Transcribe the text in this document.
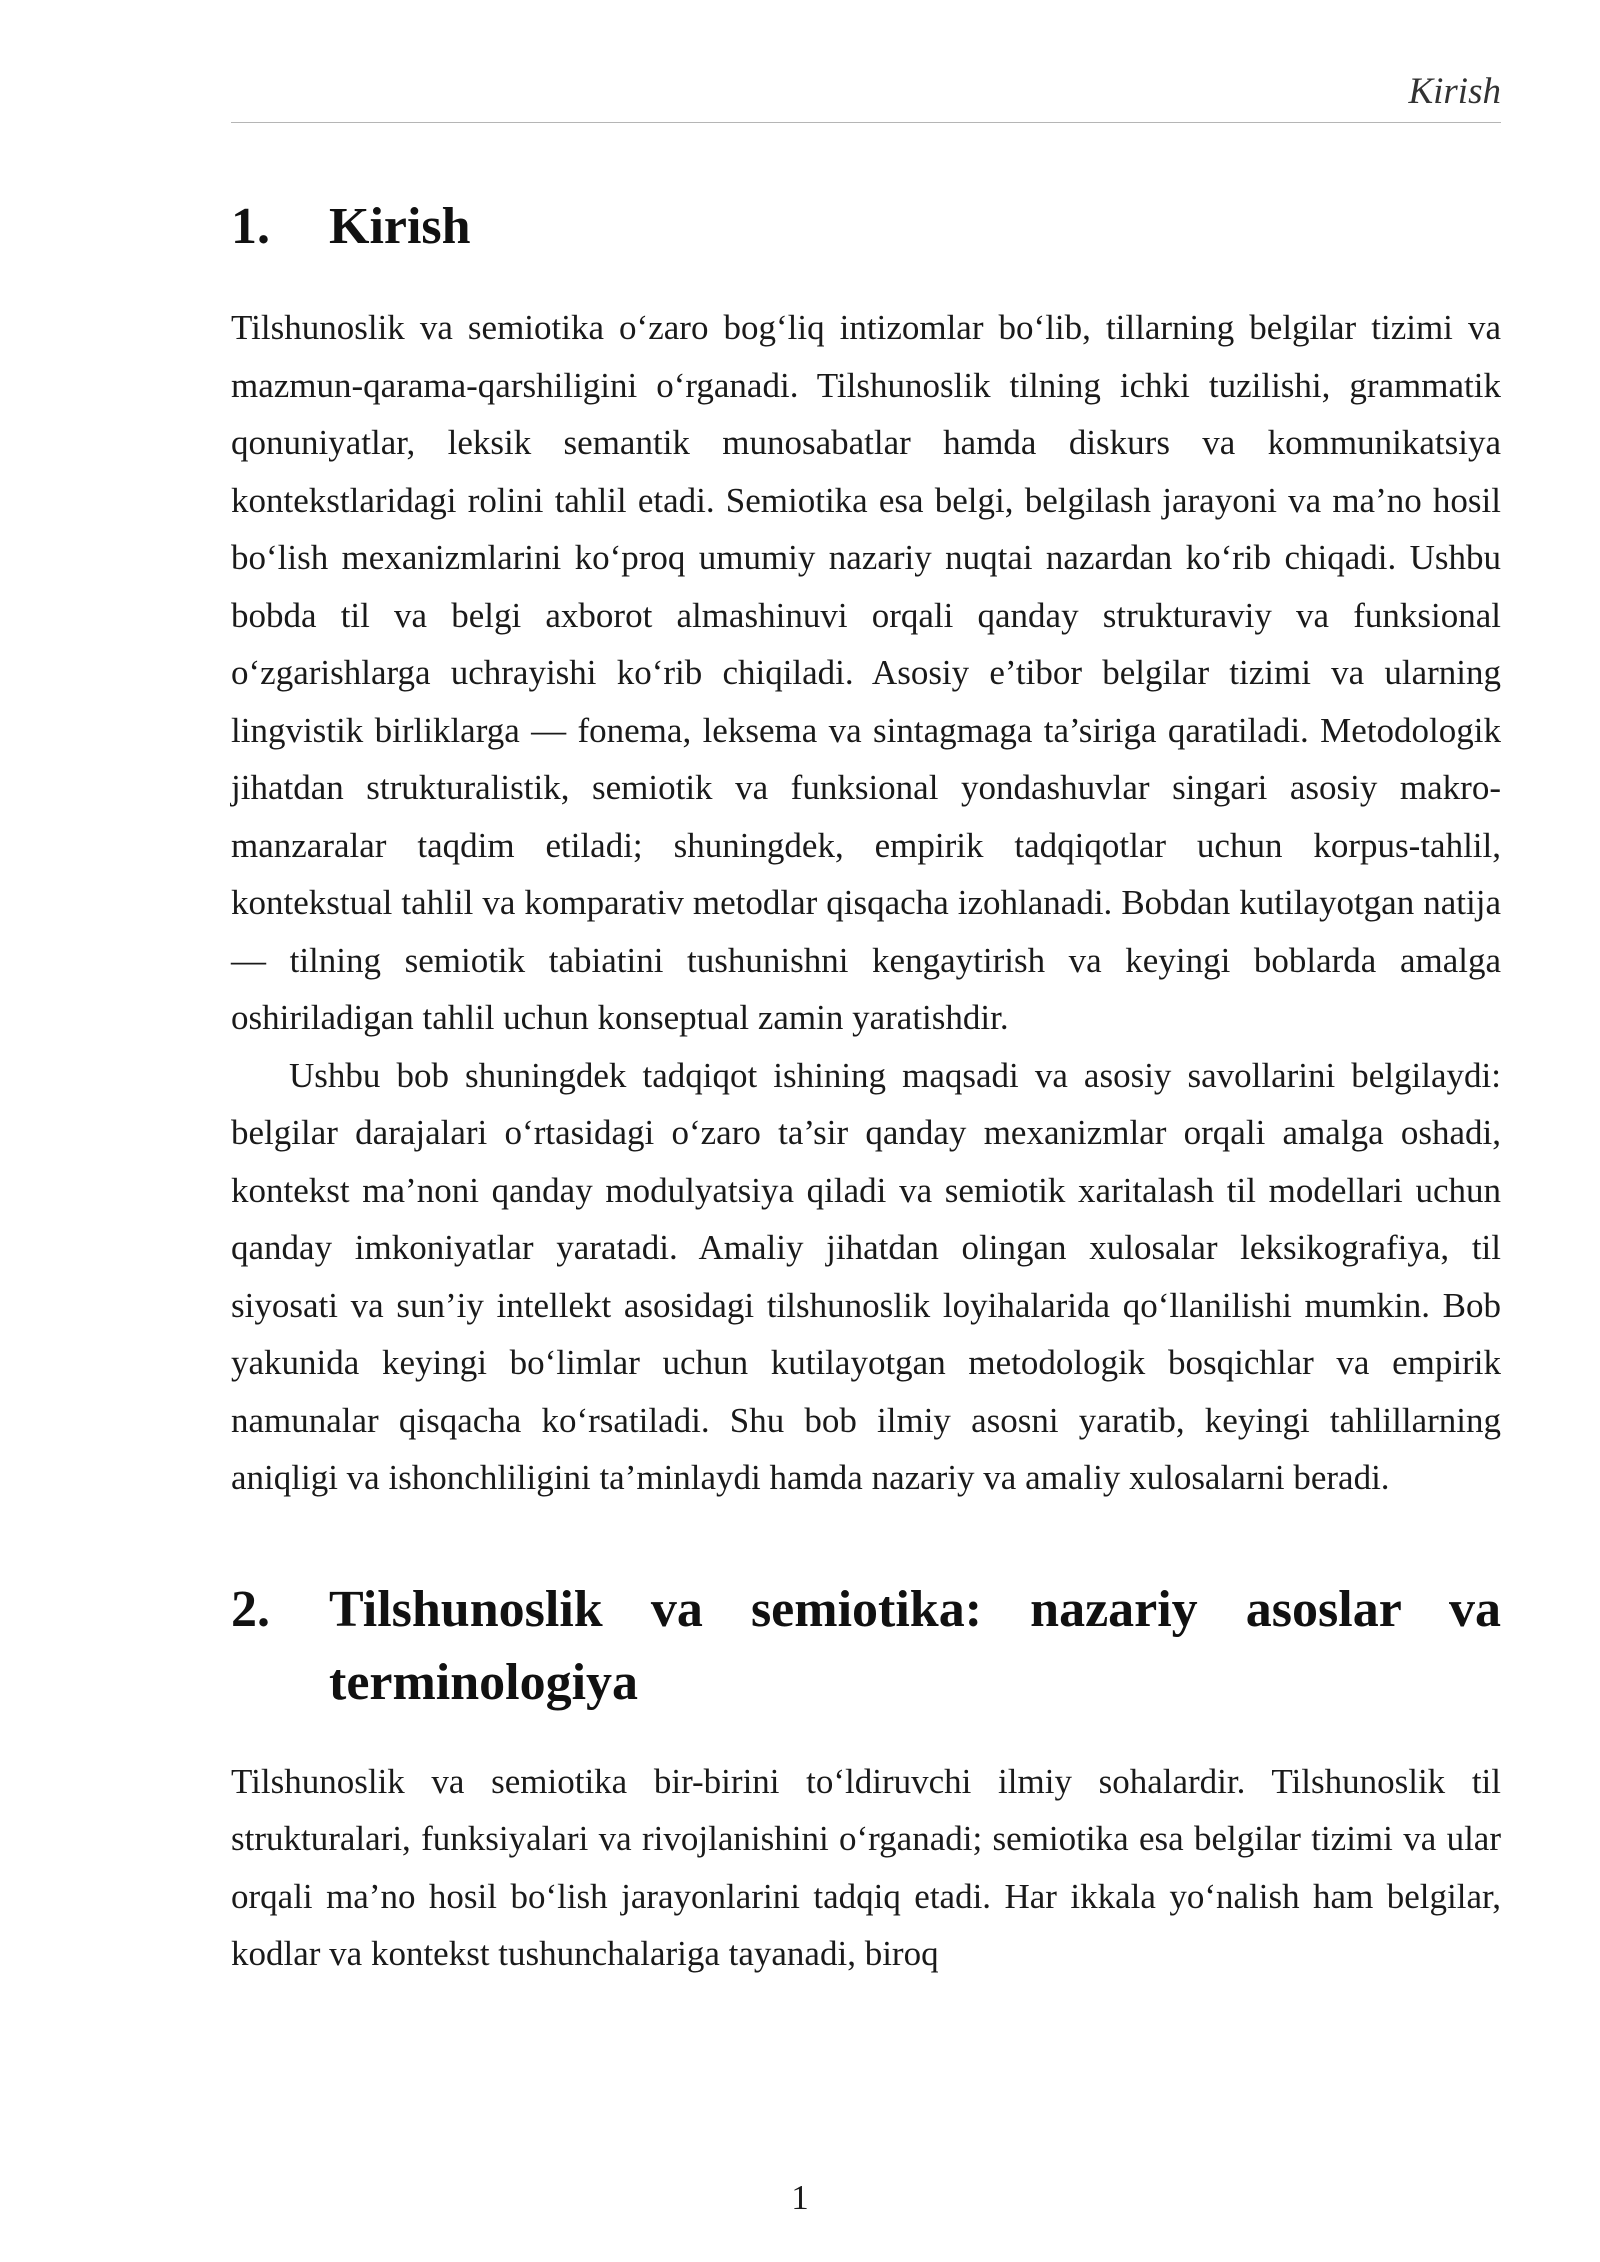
Kirish
1.	Kirish

Tilshunoslik va semiotika o‘zaro bog‘liq intizomlar bo‘lib, tillarning belgilar tizimi va mazmun-qarama-qarshiligini o‘rganadi. Tilshunoslik tilning ichki tuzilishi, grammatik qonuniyatlar, leksik semantik munosabatlar hamda diskurs va kommunikatsiya kontekstlaridagi rolini tahlil etadi. Semiotika esa belgi, belgilash jarayoni va ma’no hosil bo‘lish mexanizmlarini ko‘proq umumiy nazariy nuqtai nazardan ko‘rib chiqadi. Ushbu bobda til va belgi axborot almashinuvi orqali qanday strukturaviy va funksional o‘zgarishlarga uchrayishi ko‘rib chiqiladi. Asosiy e’tibor belgilar tizimi va ularning lingvistik birliklarga — fonema, leksema va sintagmaga ta’siriga qaratiladi. Metodologik jihatdan strukturalistik, semiotik va funksional yondashuvlar singari asosiy makro-manzaralar taqdim etiladi; shuningdek, empirik tadqiqotlar uchun korpus-tahlil, kontekstual tahlil va komparativ metodlar qisqacha izohlanadi. Bobdan kutilayotgan natija — tilning semiotik tabiatini tushunishni kengaytirish va keyingi boblarda amalga oshiriladigan tahlil uchun konseptual zamin yaratishdir.

Ushbu bob shuningdek tadqiqot ishining maqsadi va asosiy savollarini belgilaydi: belgilar darajalari o‘rtasidagi o‘zaro ta’sir qanday mexanizmlar orqali amalga oshadi, kontekst ma’noni qanday modulyatsiya qiladi va semiotik xaritalash til modellari uchun qanday imkoniyatlar yaratadi. Amaliy jihatdan olingan xulosalar leksikografiya, til siyosati va sun’iy intellekt asosidagi tilshunoslik loyihalarida qo‘llanilishi mumkin. Bob yakunida keyingi bo‘limlar uchun kutilayotgan metodologik bosqichlar va empirik namunalar qisqacha ko‘rsatiladi. Shu bob ilmiy asosni yaratib, keyingi tahlillarning aniqligi va ishonchliligini ta’minlaydi hamda nazariy va amaliy xulosalarni beradi.

2.	Tilshunoslik va semiotika: nazariy asoslar va terminologiya

Tilshunoslik va semiotika bir-birini to‘ldiruvchi ilmiy sohalardir. Tilshunoslik til strukturalari, funksiyalari va rivojlanishini o‘rganadi; semiotika esa belgilar tizimi va ular orqali ma’no hosil bo‘lish jarayonlarini tadqiq etadi. Har ikkala yo‘nalish ham belgilar, kodlar va kontekst tushunchalariga tayanadi, biroq

1
